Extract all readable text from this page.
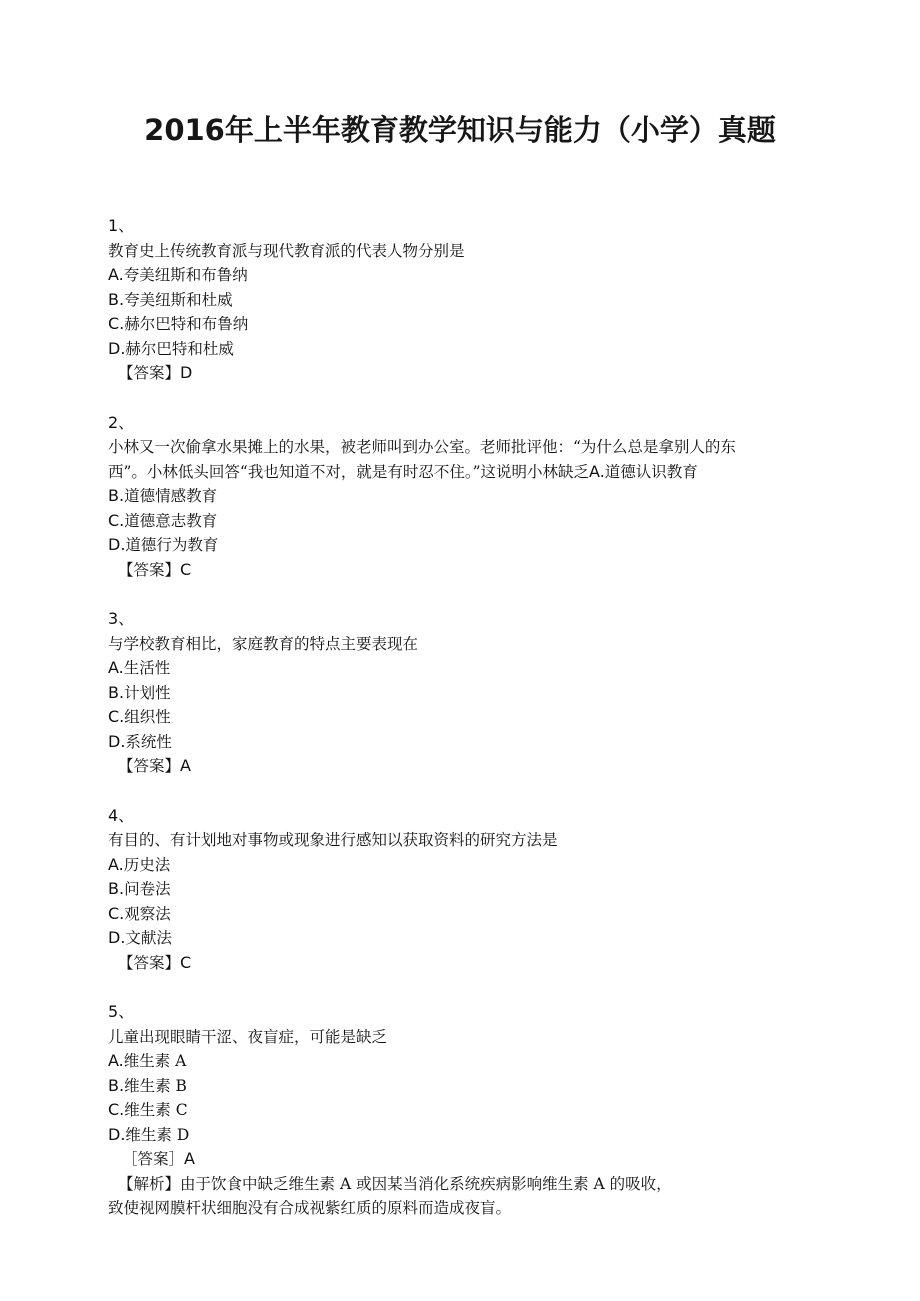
2016年上半年教育教学知识与能力（小学）真题
1、
教育史上传统教育派与现代教育派的代表人物分别是
A.夸美纽斯和布鲁纳
B.夸美纽斯和杜威
C.赫尔巴特和布鲁纳
D.赫尔巴特和杜威
【答案】D
2、
小林又一次偷拿水果摊上的水果，被老师叫到办公室。老师批评他：“为什么总是拿别人的东
西”。小林低头回答“我也知道不对，就是有时忍不住。”这说明小林缺乏A.道德认识教育
B.道德情感教育
C.道德意志教育
D.道德行为教育
【答案】C
3、
与学校教育相比，家庭教育的特点主要表现在
A.生活性
B.计划性
C.组织性
D.系统性
【答案】A
4、
有目的、有计划地对事物或现象进行感知以获取资料的研究方法是
A.历史法
B.问卷法
C.观察法
D.文献法
【答案】C
5、
儿童出现眼睛干涩、夜盲症，可能是缺乏
A.维生素 A
B.维生素 B
C.维生素 C
D.维生素 D
［答案］A
【解析】由于饮食中缺乏维生素 A 或因某当消化系统疾病影响维生素 A 的吸收，
致使视网膜杆状细胞没有合成视紫红质的原料而造成夜盲。
